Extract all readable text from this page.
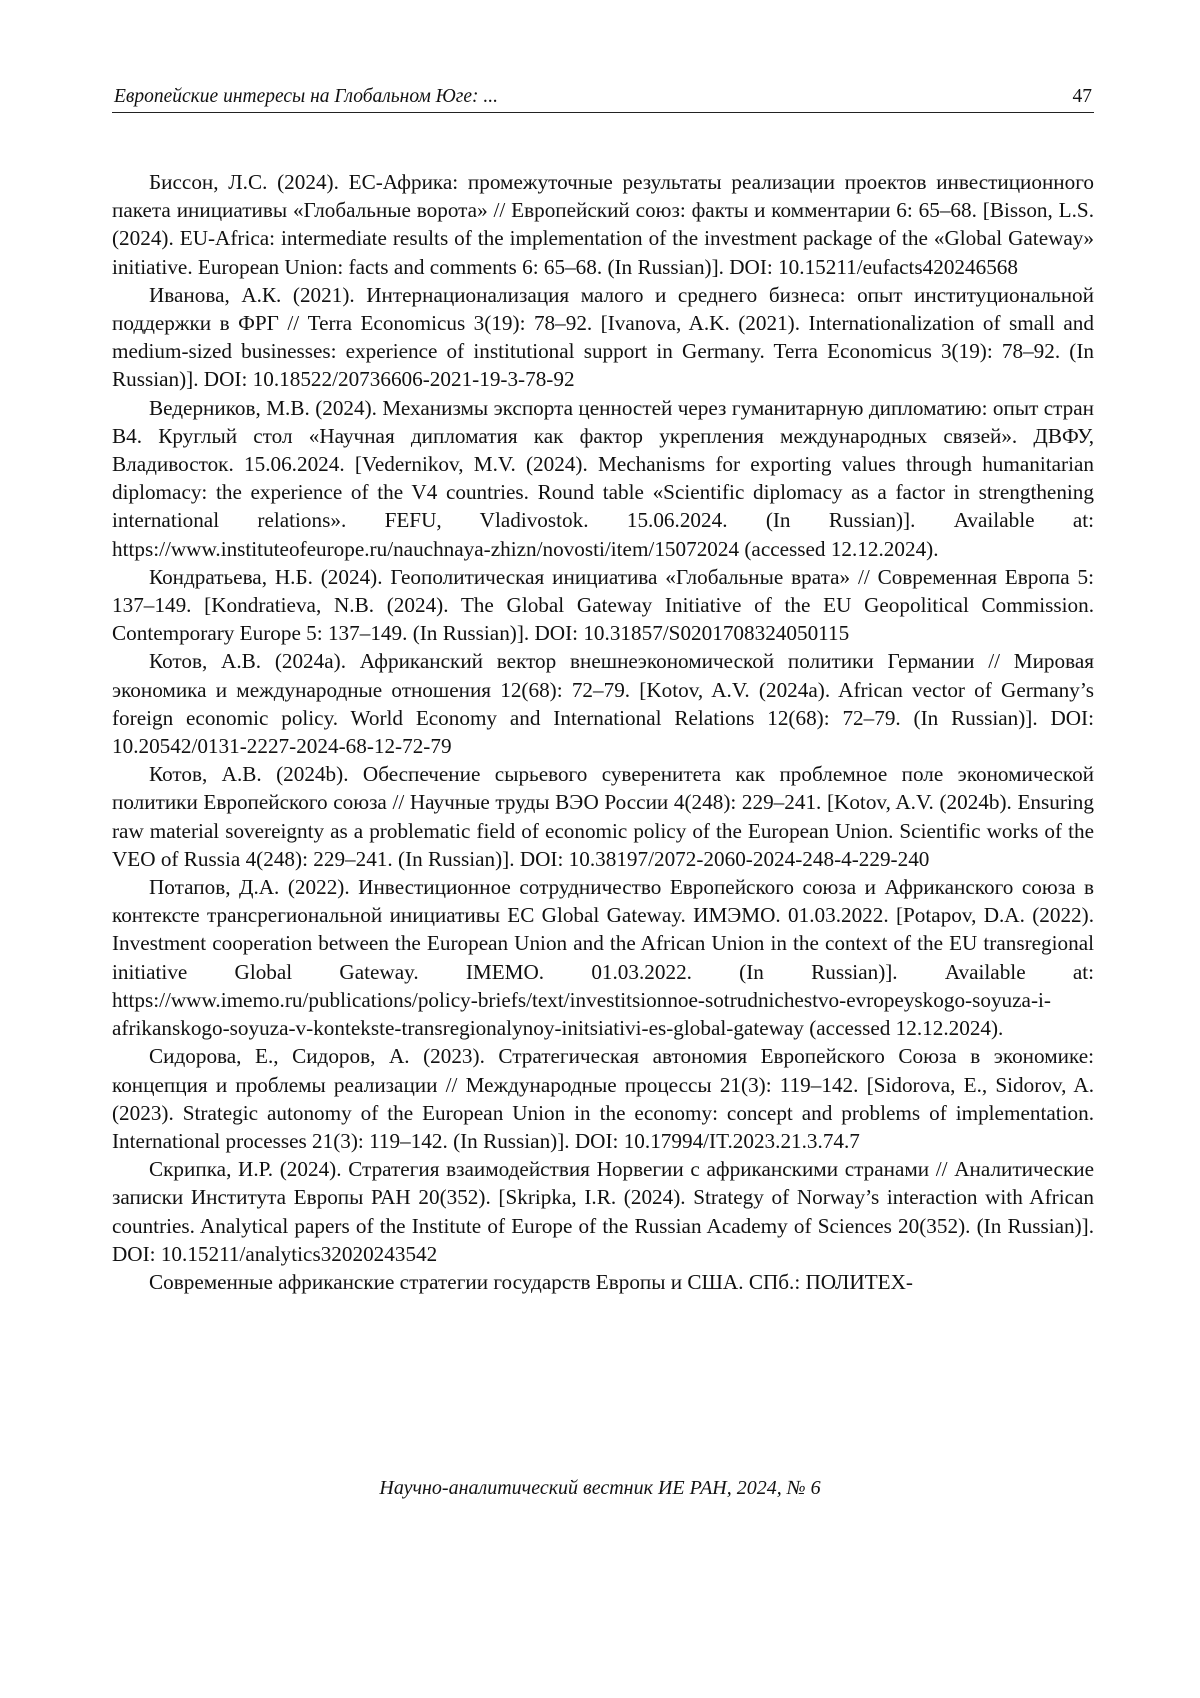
Европейские интересы на Глобальном Юге: ...	47

Биссон, Л.С. (2024). ЕС-Африка: промежуточные результаты реализации проектов инвестиционного пакета инициативы «Глобальные ворота» // Европейский союз: факты и комментарии 6: 65–68. [Bisson, L.S. (2024). EU-Africa: intermediate results of the implementation of the investment package of the «Global Gateway» initiative. European Union: facts and comments 6: 65–68. (In Russian)]. DOI: 10.15211/eufacts420246568

Иванова, А.К. (2021). Интернационализация малого и среднего бизнеса: опыт институциональной поддержки в ФРГ // Terra Economicus 3(19): 78–92. [Ivanova, A.K. (2021). Internationalization of small and medium-sized businesses: experience of institutional support in Germany. Terra Economicus 3(19): 78–92. (In Russian)]. DOI: 10.18522/20736606-2021-19-3-78-92

Ведерников, М.В. (2024). Механизмы экспорта ценностей через гуманитарную дипломатию: опыт стран В4. Круглый стол «Научная дипломатия как фактор укрепления международных связей». ДВФУ, Владивосток. 15.06.2024. [Vedernikov, M.V. (2024). Mechanisms for exporting values through humanitarian diplomacy: the experience of the V4 countries. Round table «Scientific diplomacy as a factor in strengthening international relations». FEFU, Vladivostok. 15.06.2024. (In Russian)]. Available at: https://www.instituteofeurope.ru/nauchnaya-zhizn/novosti/item/15072024 (accessed 12.12.2024).

Кондратьева, Н.Б. (2024). Геополитическая инициатива «Глобальные врата» // Современная Европа 5: 137–149. [Kondratieva, N.B. (2024). The Global Gateway Initiative of the EU Geopolitical Commission. Contemporary Europe 5: 137–149. (In Russian)]. DOI: 10.31857/S0201708324050115

Котов, А.В. (2024a). Африканский вектор внешнеэкономической политики Германии // Мировая экономика и международные отношения 12(68): 72–79. [Kotov, A.V. (2024a). African vector of Germany’s foreign economic policy. World Economy and International Relations 12(68): 72–79. (In Russian)]. DOI: 10.20542/0131-2227-2024-68-12-72-79

Котов, А.В. (2024b). Обеспечение сырьевого суверенитета как проблемное поле экономической политики Европейского союза // Научные труды ВЭО России 4(248): 229–241. [Kotov, A.V. (2024b). Ensuring raw material sovereignty as a problematic field of economic policy of the European Union. Scientific works of the VEO of Russia 4(248): 229–241. (In Russian)]. DOI: 10.38197/2072-2060-2024-248-4-229-240

Потапов, Д.А. (2022). Инвестиционное сотрудничество Европейского союза и Африканского союза в контексте трансрегиональной инициативы ЕС Global Gateway. ИМЭМО. 01.03.2022. [Potapov, D.A. (2022). Investment cooperation between the European Union and the African Union in the context of the EU transregional initiative Global Gateway. IMEMO. 01.03.2022. (In Russian)]. Available at: https://www.imemo.ru/publications/policy-briefs/text/investitsionnoe-sotrudnichestvo-evropeyskogo-soyuza-i-afrikanskogo-soyuza-v-kontekste-transregionalynoy-initsiativi-es-global-gateway (accessed 12.12.2024).

Сидорова, Е., Сидоров, А. (2023). Стратегическая автономия Европейского Союза в экономике: концепция и проблемы реализации // Международные процессы 21(3): 119–142. [Sidorova, E., Sidorov, A. (2023). Strategic autonomy of the European Union in the economy: concept and problems of implementation. International processes 21(3): 119–142. (In Russian)]. DOI: 10.17994/IT.2023.21.3.74.7

Скрипка, И.Р. (2024). Стратегия взаимодействия Норвегии с африканскими странами // Аналитические записки Института Европы РАН 20(352). [Skripka, I.R. (2024). Strategy of Norway’s interaction with African countries. Analytical papers of the Institute of Europe of the Russian Academy of Sciences 20(352). (In Russian)]. DOI: 10.15211/analytics32020243542

Современные африканские стратегии государств Европы и США. СПб.: ПОЛИТЕХ-

Научно-аналитический вестник ИЕ РАН, 2024, № 6
